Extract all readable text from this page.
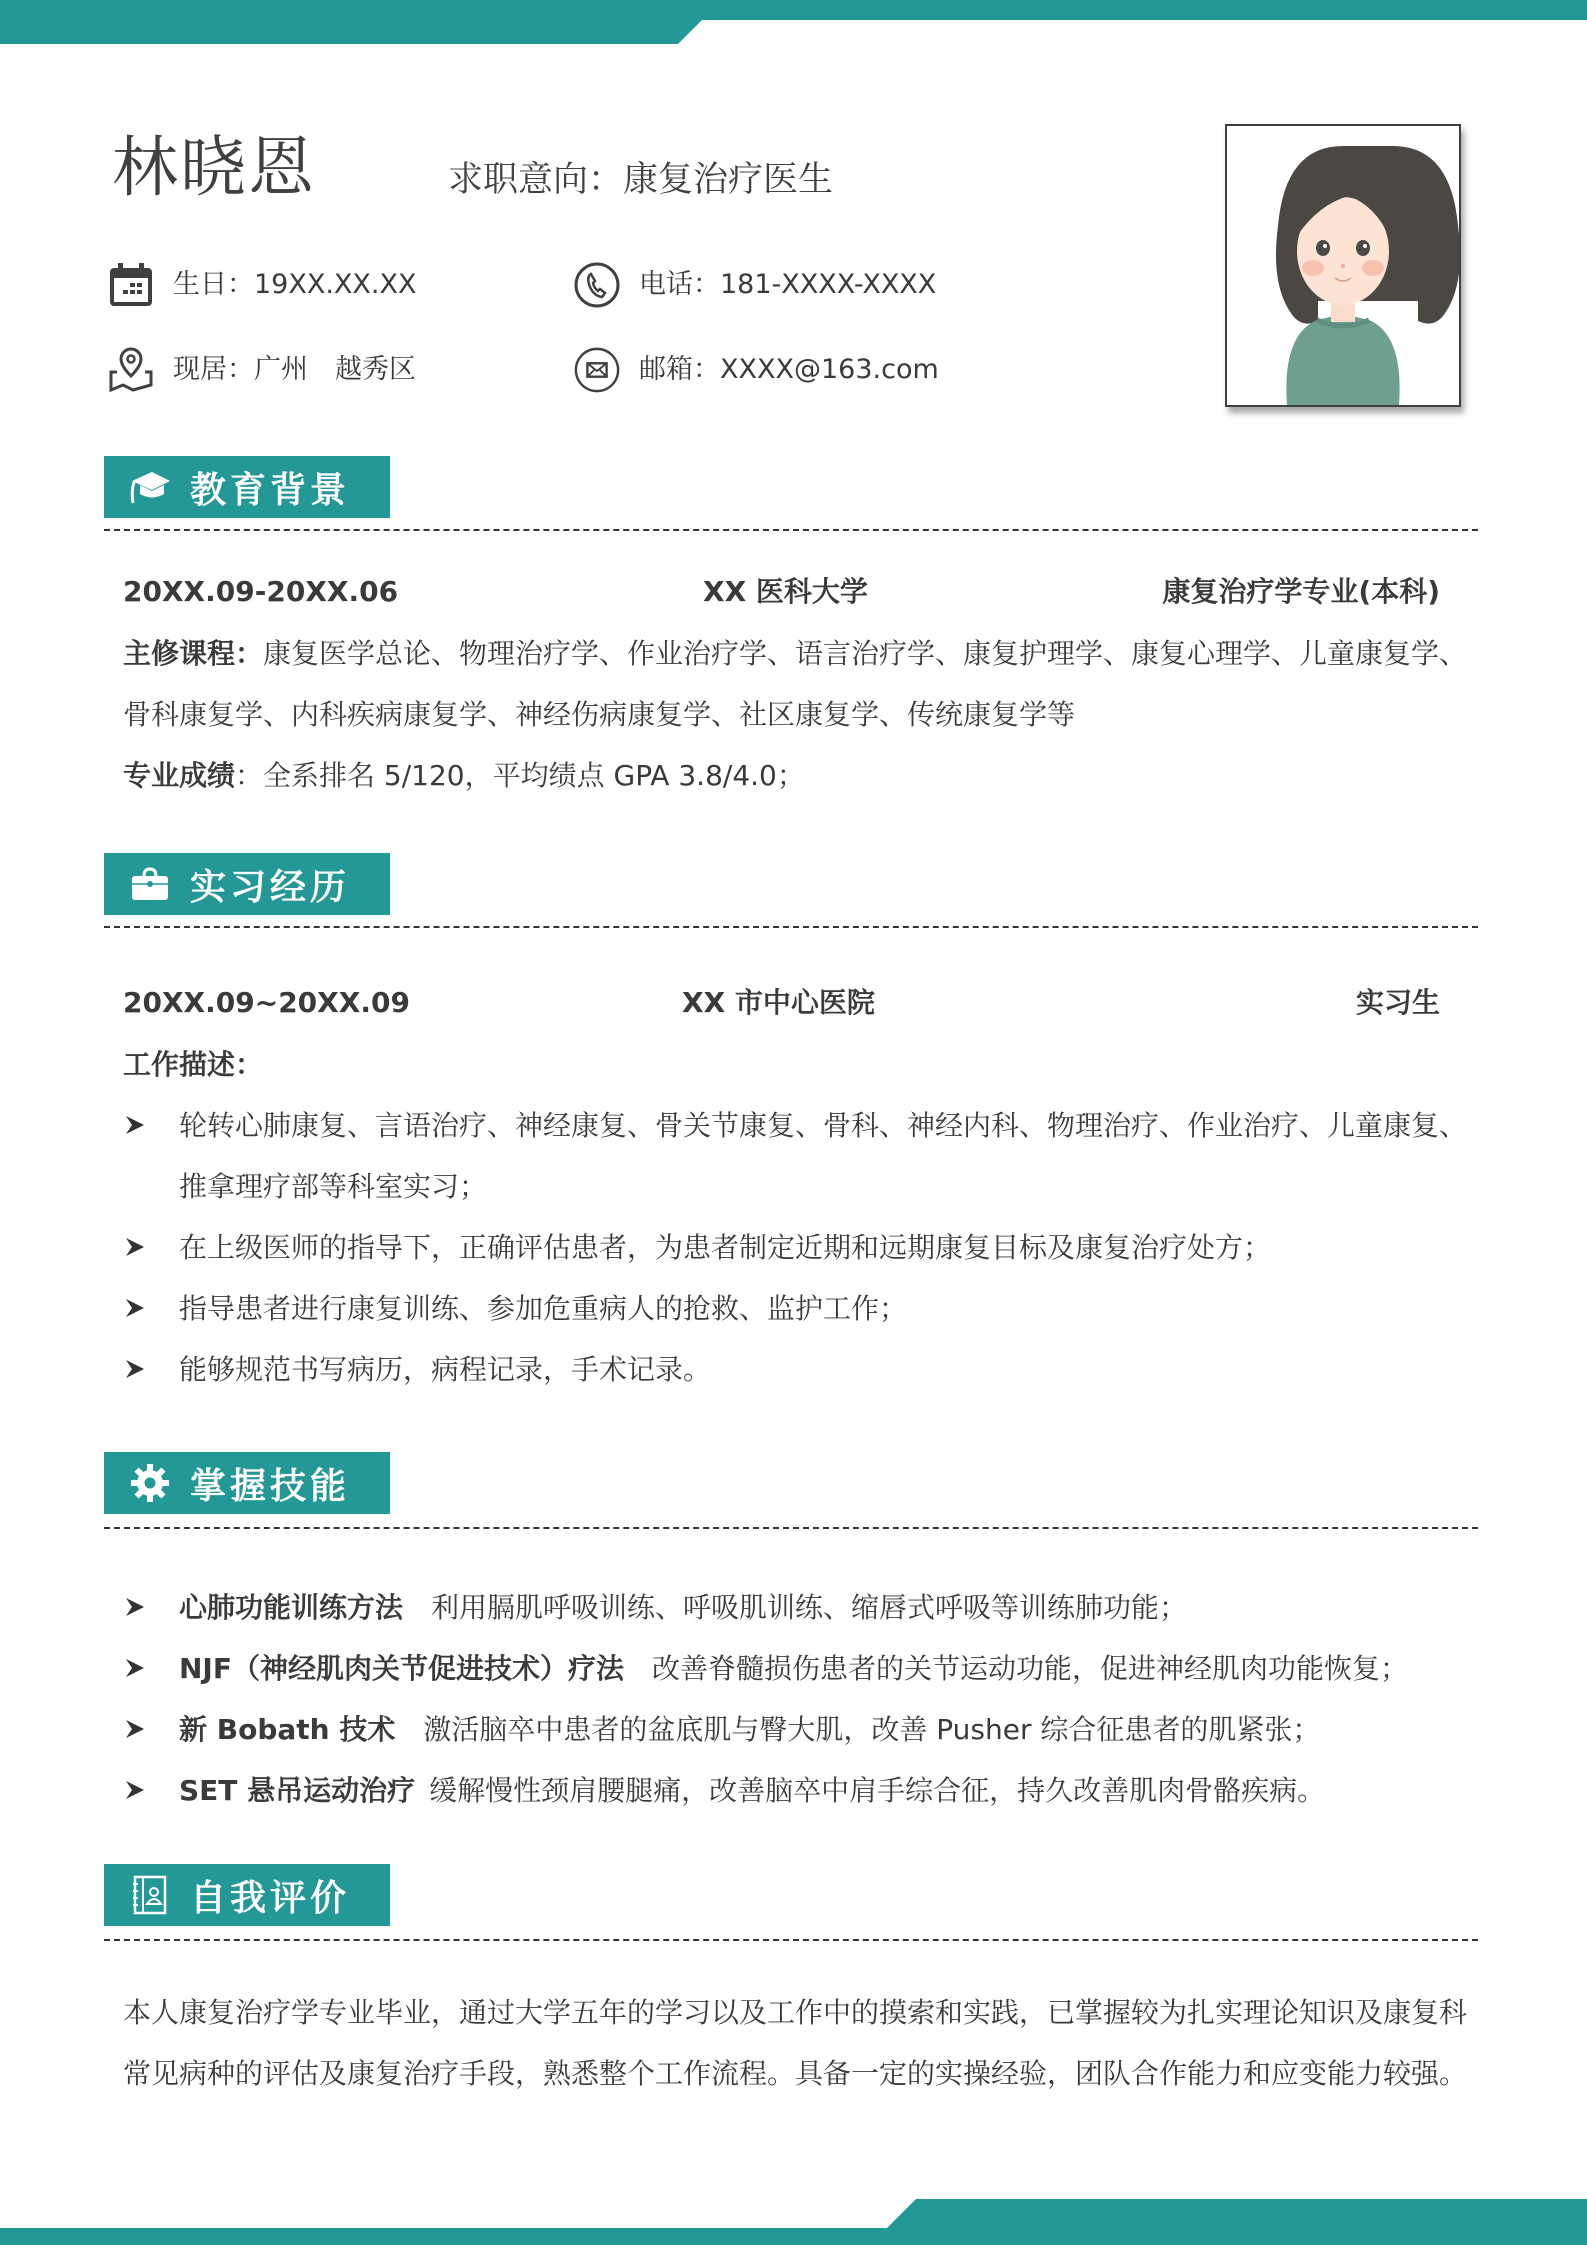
林晓恩	求职意向：康复治疗医生
生日：19XX.XX.XX	电话：181-XXXX-XXXX
现居：广州　越秀区	邮箱：XXXX@163.com
教育背景
20XX.09-20XX.06	XX 医科大学	康复治疗学专业(本科)
主修课程：康复医学总论、物理治疗学、作业治疗学、语言治疗学、康复护理学、康复心理学、儿童康复学、骨科康复学、内科疾病康复学、神经伤病康复学、社区康复学、传统康复学等
专业成绩：全系排名 5/120，平均绩点 GPA 3.8/4.0；
实习经历
20XX.09~20XX.09	XX 市中心医院	实习生
工作描述：
轮转心肺康复、言语治疗、神经康复、骨关节康复、骨科、神经内科、物理治疗、作业治疗、儿童康复、推拿理疗部等科室实习；
在上级医师的指导下，正确评估患者，为患者制定近期和远期康复目标及康复治疗处方；
指导患者进行康复训练、参加危重病人的抢救、监护工作；
能够规范书写病历，病程记录，手术记录。
掌握技能
心肺功能训练方法  利用膈肌呼吸训练、呼吸肌训练、缩唇式呼吸等训练肺功能；
NJF（神经肌肉关节促进技术）疗法  改善脊髓损伤患者的关节运动功能，促进神经肌肉功能恢复；
新 Bobath 技术  激活脑卒中患者的盆底肌与臀大肌，改善 Pusher 综合征患者的肌紧张；
SET 悬吊运动治疗  缓解慢性颈肩腰腿痛，改善脑卒中肩手综合征，持久改善肌肉骨骼疾病。
自我评价
本人康复治疗学专业毕业，通过大学五年的学习以及工作中的摸索和实践，已掌握较为扎实理论知识及康复科常见病种的评估及康复治疗手段，熟悉整个工作流程。具备一定的实操经验，团队合作能力和应变能力较强。
